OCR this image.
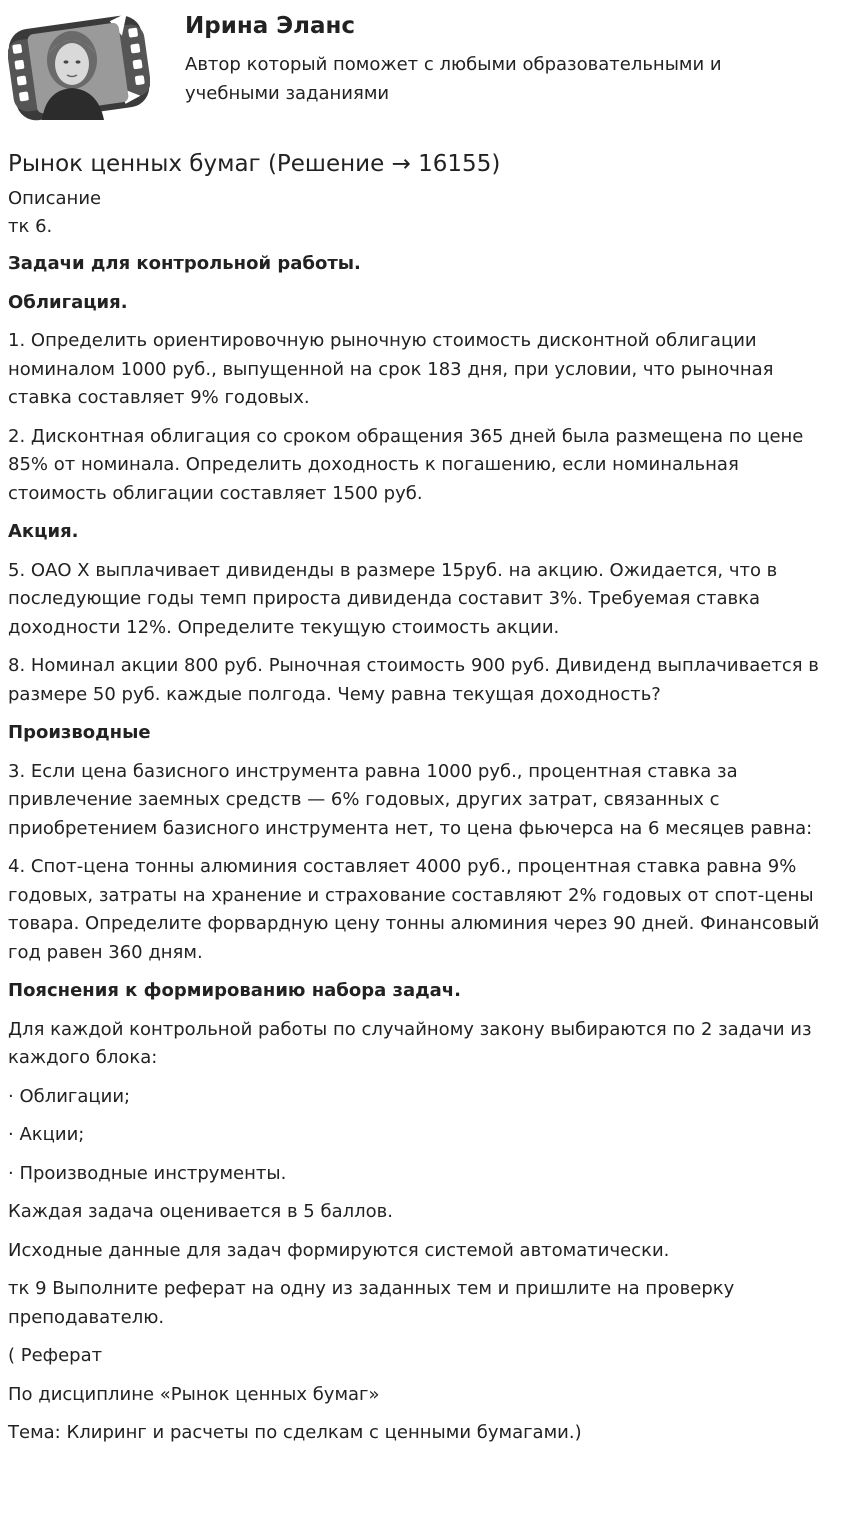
Ирина Эланс
Автор который поможет с любыми образовательными и учебными заданиями
Рынок ценных бумаг (Решение → 16155)
Описание
тк 6.

Задачи для контрольной работы.

Облигация.

1. Определить ориентировочную рыночную стоимость дисконтной облигации номиналом 1000 руб., выпущенной на срок 183 дня, при условии, что рыночная ставка составляет 9% годовых.

2. Дисконтная облигация со сроком обращения 365 дней была размещена по цене 85% от номинала. Определить доходность к погашению, если номинальная стоимость облигации составляет 1500 руб.

Акция.

5. ОАО Х выплачивает дивиденды в размере 15руб. на акцию. Ожидается, что в последующие годы темп прироста дивиденда составит 3%. Требуемая ставка доходности 12%. Определите текущую стоимость акции.

8. Номинал акции 800 руб. Рыночная стоимость 900 руб. Дивиденд выплачивается в размере 50 руб. каждые полгода. Чему равна текущая доходность?

Производные

3. Если цена базисного инструмента равна 1000 руб., процентная ставка за привлечение заемных средств — 6% годовых, других затрат, связанных с приобретением базисного инструмента нет, то цена фьючерса на 6 месяцев равна:

4. Спот-цена тонны алюминия составляет 4000 руб., процентная ставка равна 9% годовых, затраты на хранение и страхование составляют 2% годовых от спот-цены товара. Определите форвардную цену тонны алюминия через 90 дней. Финансовый год равен 360 дням.

Пояснения к формированию набора задач.

Для каждой контрольной работы по случайному закону выбираются по 2 задачи из каждого блока:

· Облигации;

· Акции;

· Производные инструменты.

Каждая задача оценивается в 5 баллов.

Исходные данные для задач формируются системой автоматически.

тк 9 Выполните реферат на одну из заданных тем и пришлите на проверку преподавателю.

( Реферат

По дисциплине «Рынок ценных бумаг»

Тема: Клиринг и расчеты по сделкам с ценными бумагами.)
